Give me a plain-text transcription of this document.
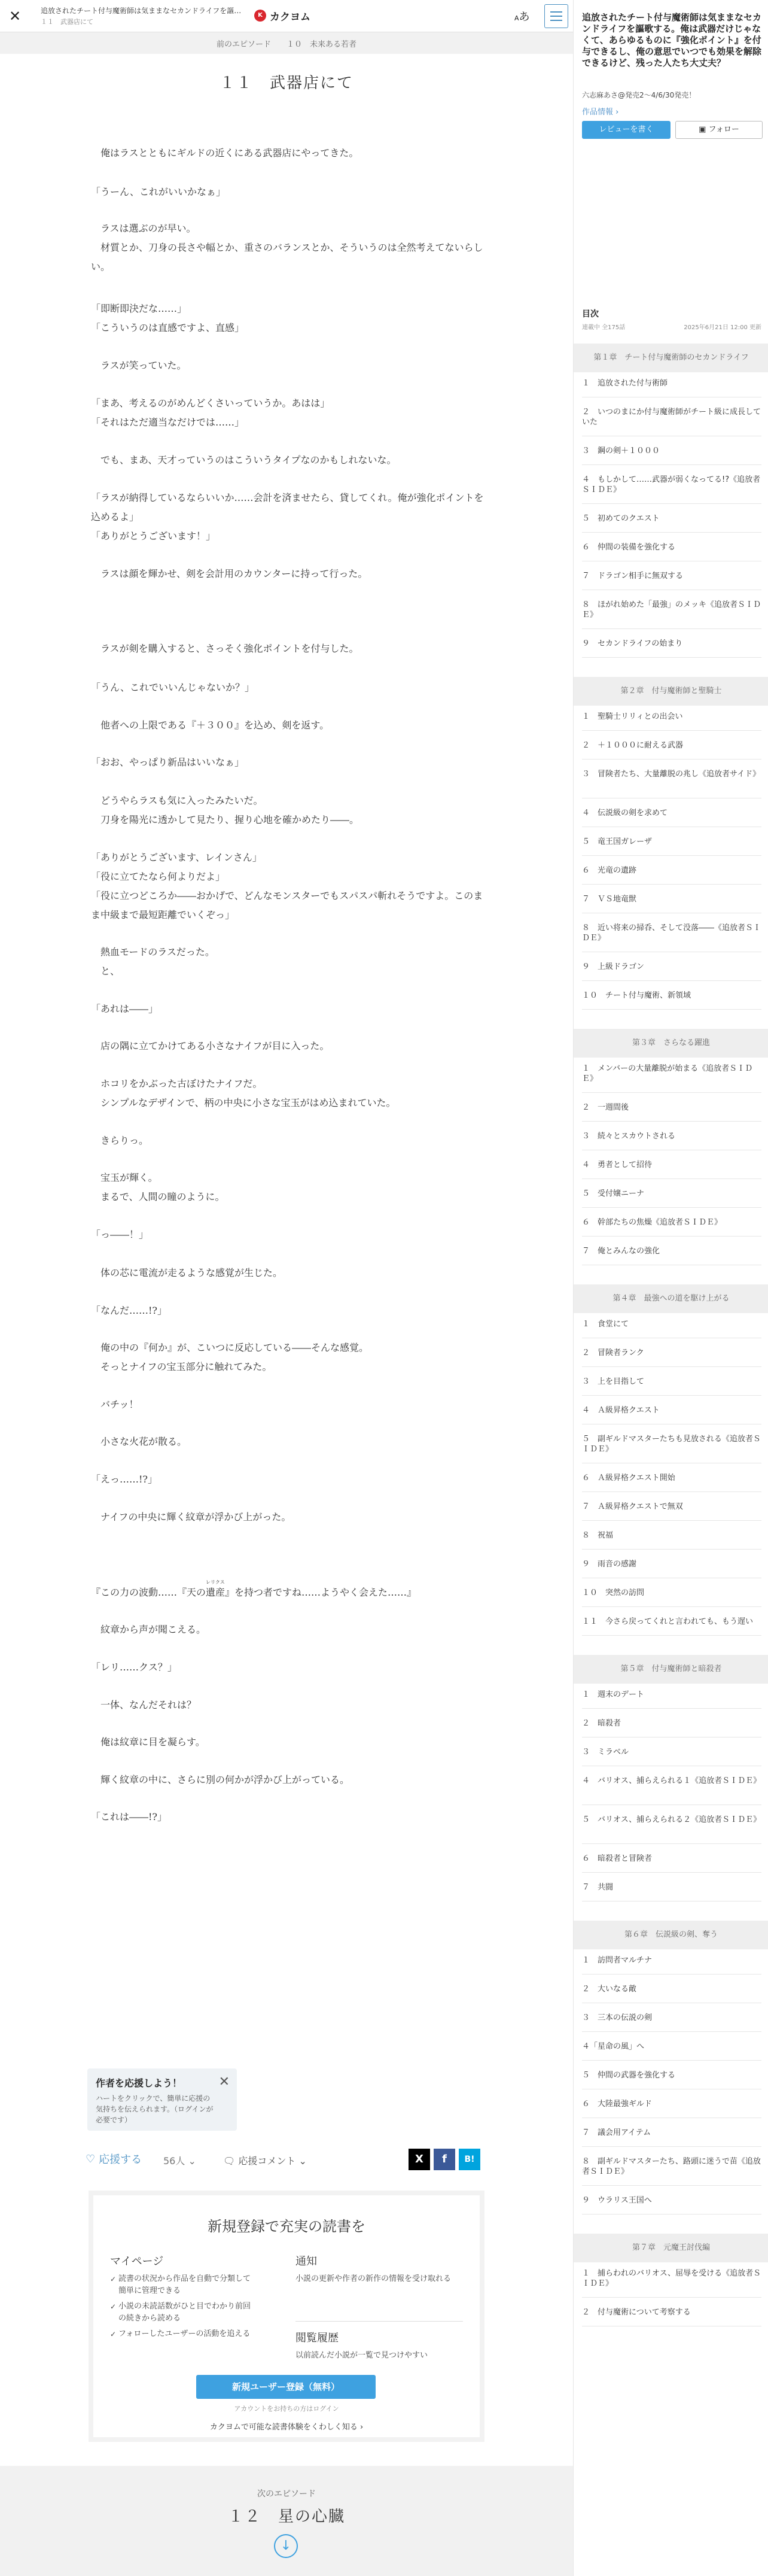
✕	追放されたチート付与魔術師は気ままなセカンドライフを謳…
１１　武器店にて
K カクヨム	Aあ
前のエピソード １０　未来ある若者
１１　武器店にて

　俺はラスとともにギルドの近くにある武器店にやってきた。

「うーん、これがいいかなぁ」

　ラスは選ぶのが早い。

　材質とか、刀身の長さや幅とか、重さのバランスとか、そういうのは全然考えてないらしい。

「即断即決だな……」

「こういうのは直感ですよ、直感」

　ラスが笑っていた。

「まあ、考えるのがめんどくさいっていうか。あはは」

「それはただ適当なだけでは……」

　でも、まあ、天才っていうのはこういうタイプなのかもしれないな。

「ラスが納得しているならいいか……会計を済ませたら、貸してくれ。俺が強化ポイントを込めるよ」

「ありがとうございます！」

　ラスは顔を輝かせ、剣を会計用のカウンターに持って行った。

　ラスが剣を購入すると、さっそく強化ポイントを付与した。

「うん、これでいいんじゃないか？」

　他者への上限である『＋３００』を込め、剣を返す。

「おお、やっぱり新品はいいなぁ」

　どうやらラスも気に入ったみたいだ。

　刀身を陽光に透かして見たり、握り心地を確かめたり――。

「ありがとうございます、レインさん」

「役に立てたなら何よりだよ」

「役に立つどころか――おかげで、どんなモンスターでもスパスパ斬れそうですよ。このまま中級まで最短距離でいくぞっ」

　熱血モードのラスだった。

　と、

「あれは――」

　店の隅に立てかけてある小さなナイフが目に入った。

　ホコリをかぶった古ぼけたナイフだ。

　シンプルなデザインで、柄の中央に小さな宝玉がはめ込まれていた。

　きらりっ。

　宝玉が輝く。

　まるで、人間の瞳のように。

「っ――！」

　体の芯に電流が走るような感覚が生じた。

「なんだ……!?」

　俺の中の『何か』が、こいつに反応している――そんな感覚。

　そっとナイフの宝玉部分に触れてみた。

　バチッ！

　小さな火花が散る。

「えっ……!?」

　ナイフの中央に輝く紋章が浮かび上がった。

『この力の波動……『天の遺産』を持つ者ですね……ようやく会えた……』
レリクス

　紋章から声が聞こえる。

「レリ……クス？」

　一体、なんだそれは？

　俺は紋章に目を凝らす。

　輝く紋章の中に、さらに別の何かが浮かび上がっている。

「これは――!?」

作者を応援しよう！
ハートをクリックで、簡単に応援の気持ちを伝えられます。（ログインが必要です）
✕
♡ 応援する 56人 ⌄	🗨 応援コメント ⌄	X	f	B!
新規登録で充実の読書を
マイページ
✓ 読書の状況から作品を自動で分類して簡単に管理できる
✓ 小説の未読話数がひと目でわかり前回の続きから読める
✓ フォローしたユーザーの活動を追える
通知
小説の更新や作者の新作の情報を受け取れる
閲覧履歴
以前読んだ小説が一覧で見つけやすい
新規ユーザー登録（無料）
アカウントをお持ちの方はログイン
カクヨムで可能な読書体験をくわしく知る ›
次のエピソード
１２　星の心臓
↓
追放されたチート付与魔術師は気ままなセカンドライフを謳歌する。俺は武器だけじゃなくて、あらゆるものに『強化ポイント』を付与できるし、俺の意思でいつでも効果を解除できるけど、残った人たち大丈夫？
六志麻あさ@発売2〜4/6/30発売！
作品情報 ›
レビューを書く	▣ フォロー
目次
連載中 全175話	2025年6月21日 12:00 更新
第１章　チート付与魔術師のセカンドライフ
１　追放された付与術師
２　いつのまにか付与魔術師がチート級に成長していた
３　鋼の剣＋１０００
４　もしかして……武器が弱くなってる!?《追放者ＳＩＤＥ》
５　初めてのクエスト
６　仲間の装備を強化する
７　ドラゴン相手に無双する
８　ほがれ始めた「最強」のメッキ《追放者ＳＩＤＥ》
９　セカンドライフの始まり
第２章　付与魔術師と聖騎士
１　聖騎士リリィとの出会い
２　＋１０００に耐える武器
３　冒険者たち、大量離脱の兆し《追放者サイド》
４　伝説級の剣を求めて
５　竜王国ガレーザ
６　光竜の遺跡
７　ＶＳ地竜獣
８　近い将来の掃呑、そして没落――《追放者ＳＩＤＥ》
９　上級ドラゴン
１０　チート付与魔術、新領域
第３章　さらなる躍進
１　メンバーの大量離脱が始まる《追放者ＳＩＤＥ》
２　一週間後
３　続々とスカウトされる
４　勇者として招待
５　受付嬢ニーナ
６　幹部たちの焦燥《追放者ＳＩＤＥ》
７　俺とみんなの強化
第４章　最強への道を駆け上がる
１　食堂にて
２　冒険者ランク
３　上を目指して
４　Ａ級昇格クエスト
５　副ギルドマスターたちも見放される《追放者ＳＩＤＥ》
６　Ａ級昇格クエスト開始
７　Ａ級昇格クエストで無双
８　祝福
９　雨音の感謝
１０　突然の訪問
１１　今さら戻ってくれと言われても、もう遅い
第５章　付与魔術師と暗殺者
１　週末のデート
２　暗殺者
３　ミラベル
４　バリオス、捕らえられる１《追放者ＳＩＤＥ》
５　バリオス、捕らえられる２《追放者ＳＩＤＥ》
６　暗殺者と冒険者
７　共闘
第６章　伝説級の剣、奪う
１　訪問者マルチナ
２　大いなる敵
３　三本の伝説の剣
４「星命の風」へ
５　仲間の武器を強化する
６　大陸最強ギルド
７　議会用アイテム
８　副ギルドマスターたち、路頭に迷うで苗《追放者ＳＩＤＥ》
９　ウラリス王国へ
第７章　元魔王討伐編
１　捕らわれのバリオス、屈辱を受ける《追放者ＳＩＤＥ》
２　付与魔術について考察する
